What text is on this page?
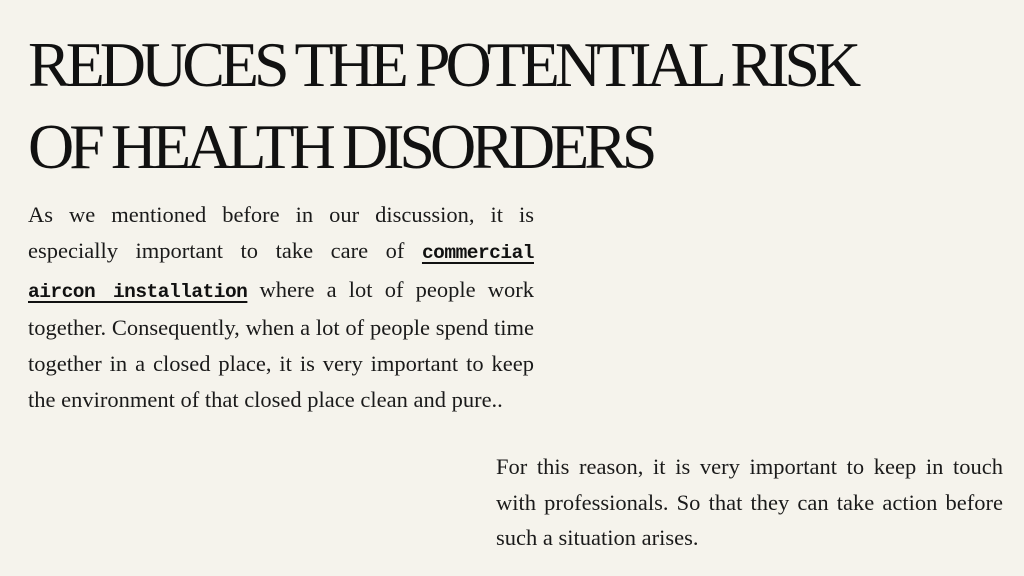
REDUCES THE POTENTIAL RISK
OF HEALTH DISORDERS

As we mentioned before in our discussion, it is especially important to take care of commercial aircon installation where a lot of people work together. Consequently, when a lot of people spend time together in a closed place, it is very important to keep the environment of that closed place clean and pure..

For this reason, it is very important to keep in touch with professionals. So that they can take action before such a situation arises.
